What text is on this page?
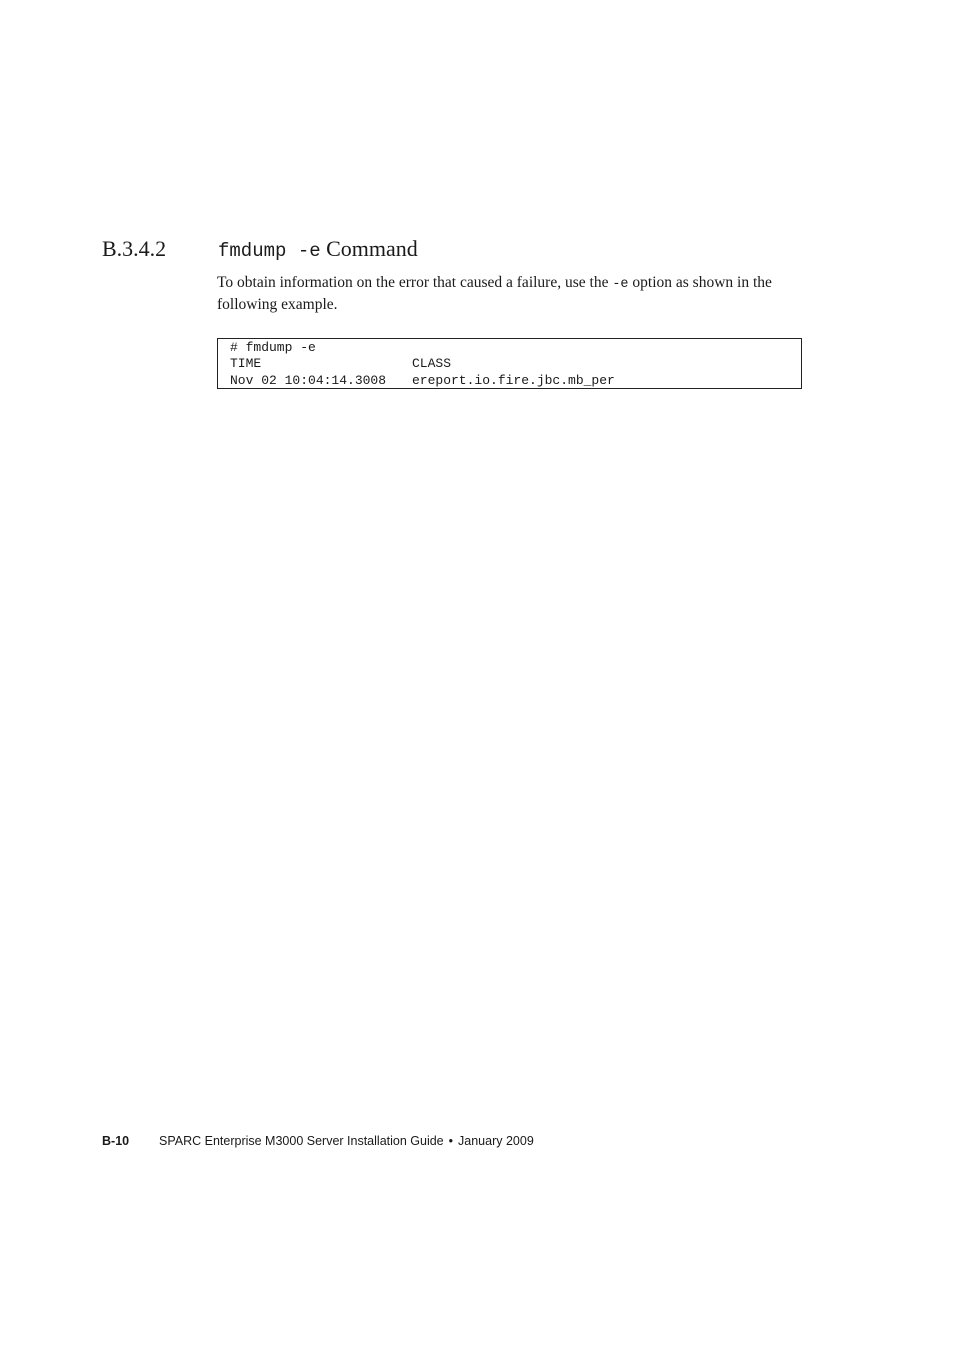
B.3.4.2	fmdump -e Command

To obtain information on the error that caused a failure, use the -e option as shown in the following example.

# fmdump -e
TIME	CLASS
Nov 02 10:04:14.3008 ereport.io.fire.jbc.mb_per
B-10 SPARC Enterprise M3000 Server Installation Guide • January 2009
